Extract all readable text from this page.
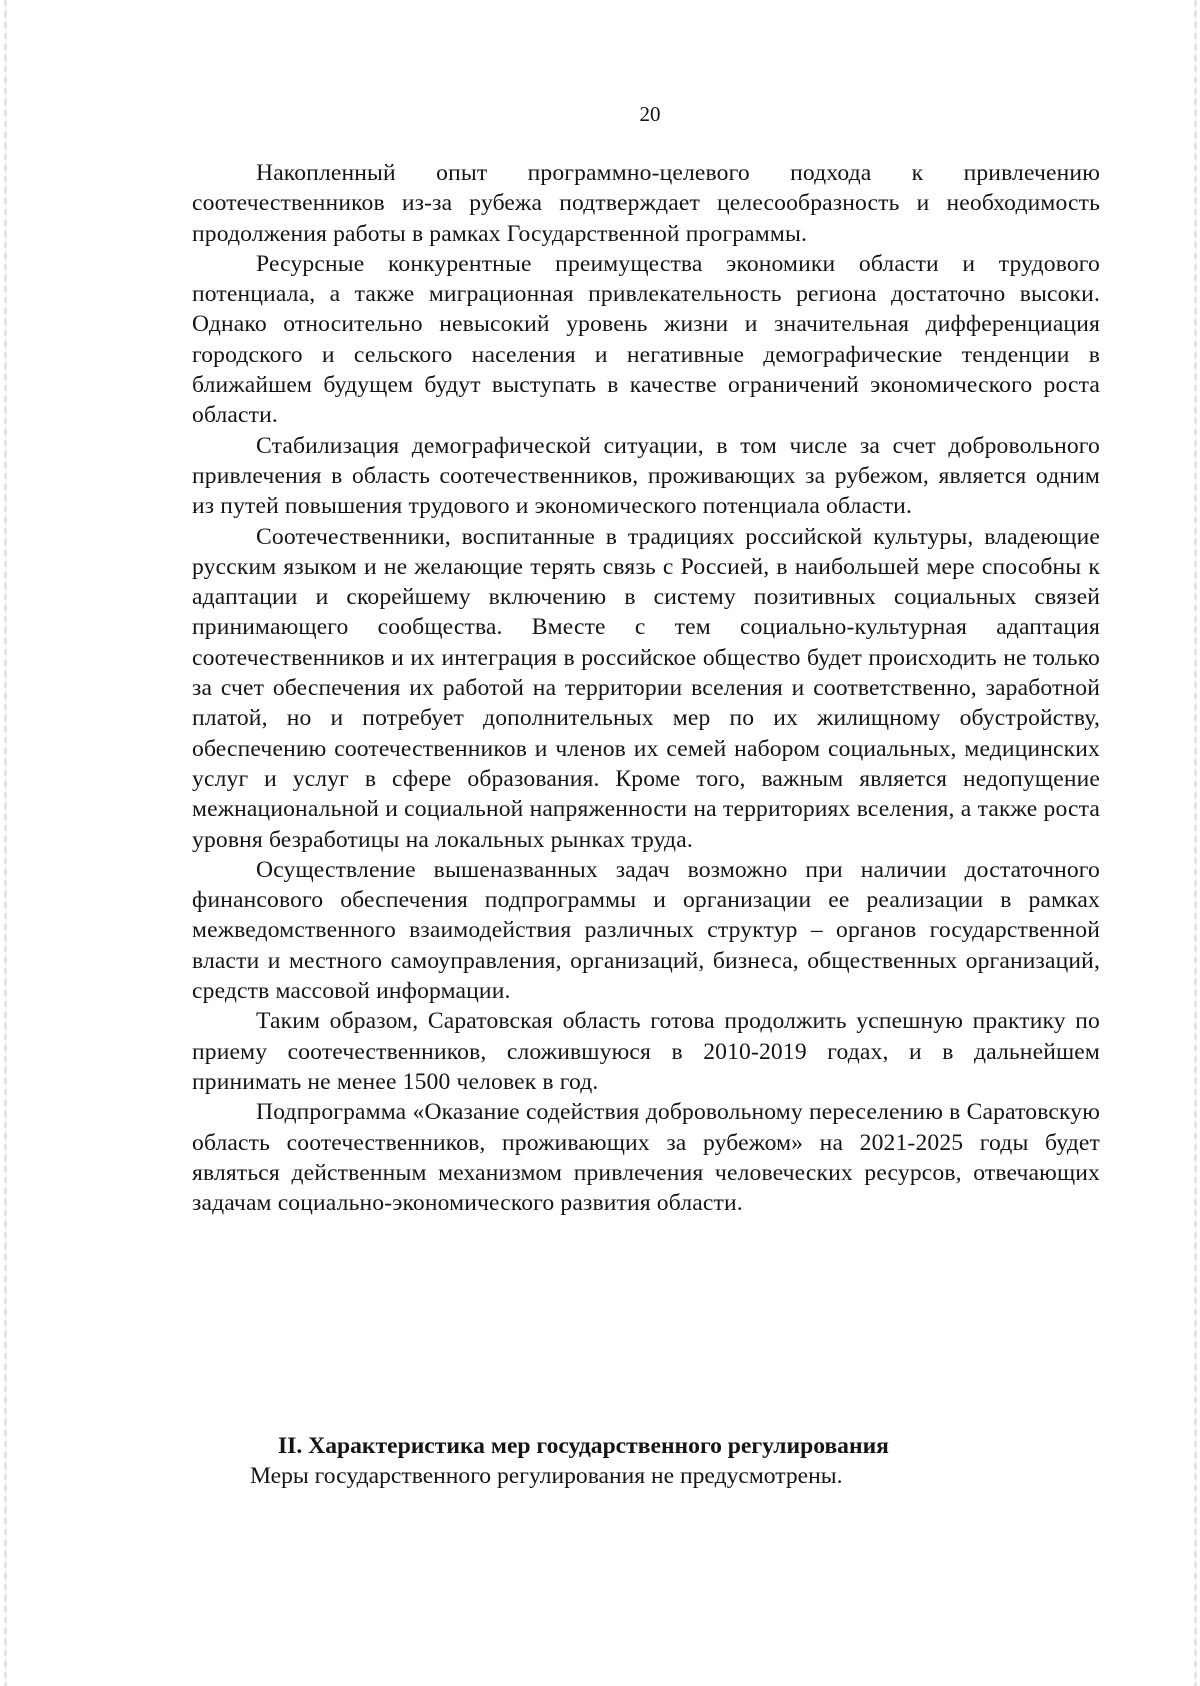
20

Накопленный опыт программно-целевого подхода к привлечению соотечественников из-за рубежа подтверждает целесообразность и необходимость продолжения работы в рамках Государственной программы.

Ресурсные конкурентные преимущества экономики области и трудового потенциала, а также миграционная привлекательность региона достаточно высоки. Однако относительно невысокий уровень жизни и значительная дифференциация городского и сельского населения и негативные демографические тенденции в ближайшем будущем будут выступать в качестве ограничений экономического роста области.

Стабилизация демографической ситуации, в том числе за счет добровольного привлечения в область соотечественников, проживающих за рубежом, является одним из путей повышения трудового и экономического потенциала области.

Соотечественники, воспитанные в традициях российской культуры, владеющие русским языком и не желающие терять связь с Россией, в наибольшей мере способны к адаптации и скорейшему включению в систему позитивных социальных связей принимающего сообщества. Вместе с тем социально-культурная адаптация соотечественников и их интеграция в российское общество будет происходить не только за счет обеспечения их работой на территории вселения и соответственно, заработной платой, но и потребует дополнительных мер по их жилищному обустройству, обеспечению соотечественников и членов их семей набором социальных, медицинских услуг и услуг в сфере образования. Кроме того, важным является недопущение межнациональной и социальной напряженности на территориях вселения, а также роста уровня безработицы на локальных рынках труда.

Осуществление вышеназванных задач возможно при наличии достаточного финансового обеспечения подпрограммы и организации ее реализации в рамках межведомственного взаимодействия различных структур – органов государственной власти и местного самоуправления, организаций, бизнеса, общественных организаций, средств массовой информации.

Таким образом, Саратовская область готова продолжить успешную практику по приему соотечественников, сложившуюся в 2010-2019 годах, и в дальнейшем принимать не менее 1500 человек в год.

Подпрограмма «Оказание содействия добровольному переселению в Саратовскую область соотечественников, проживающих за рубежом» на 2021-2025 годы будет являться действенным механизмом привлечения человеческих ресурсов, отвечающих задачам социально-экономического развития области.

II. Характеристика мер государственного регулирования

Меры государственного регулирования не предусмотрены.
